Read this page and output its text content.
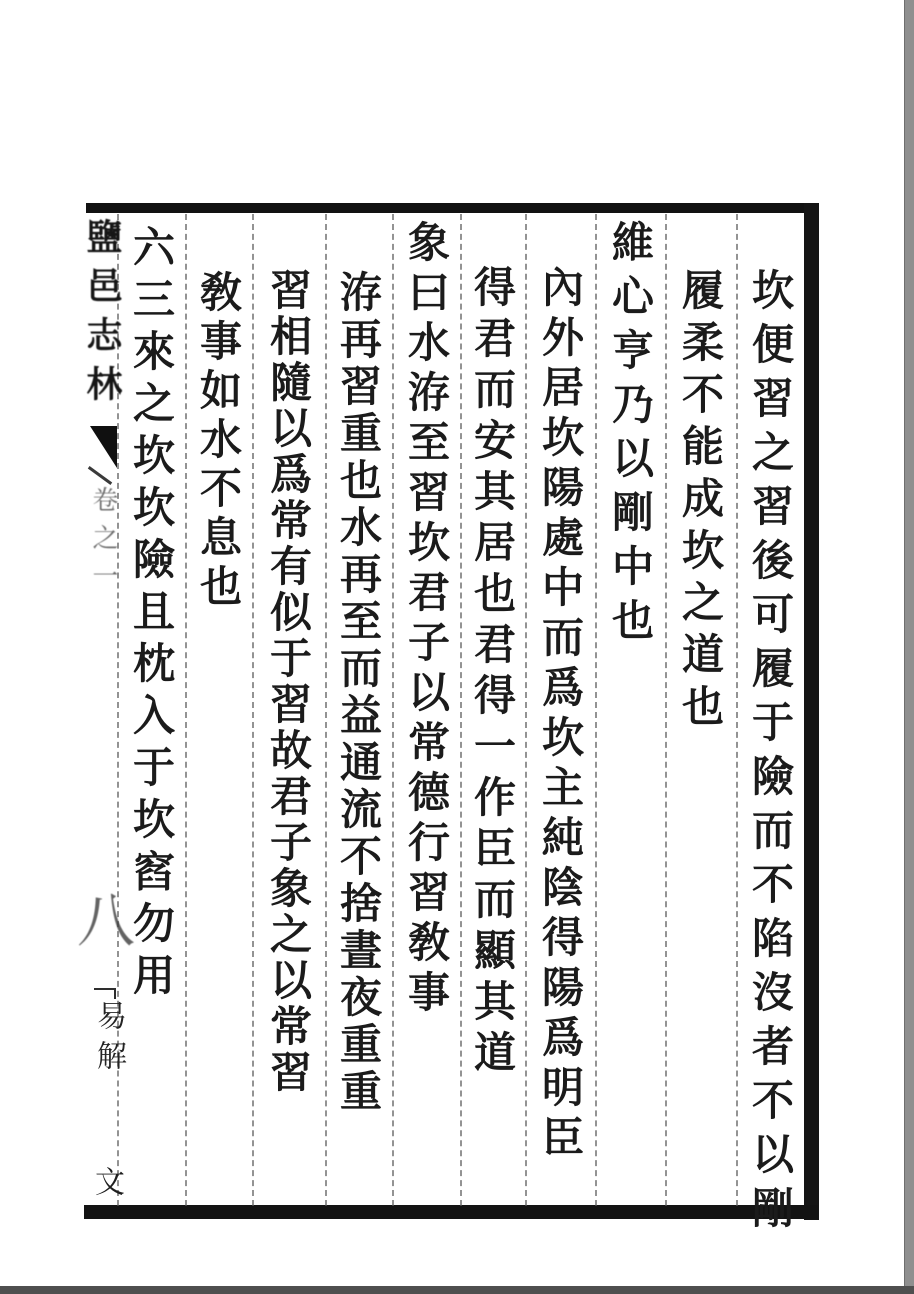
坎便習之習後可履于險而不陷沒者不以剛
履柔不能成坎之道也
維心亨乃以剛中也
內外居坎陽處中而爲坎主純陰得陽爲明臣
得君而安其居也君得一作臣而顯其道
象曰水洊至習坎君子以常德行習敎事
洊再習重也水再至而益通流不捨晝夜重重
習相隨以爲常有似于習故君子象之以常習
敎事如水不息也
六三來之坎坎險且枕入于坎窞勿用
鹽邑志林
卷之一
八
易解
文
